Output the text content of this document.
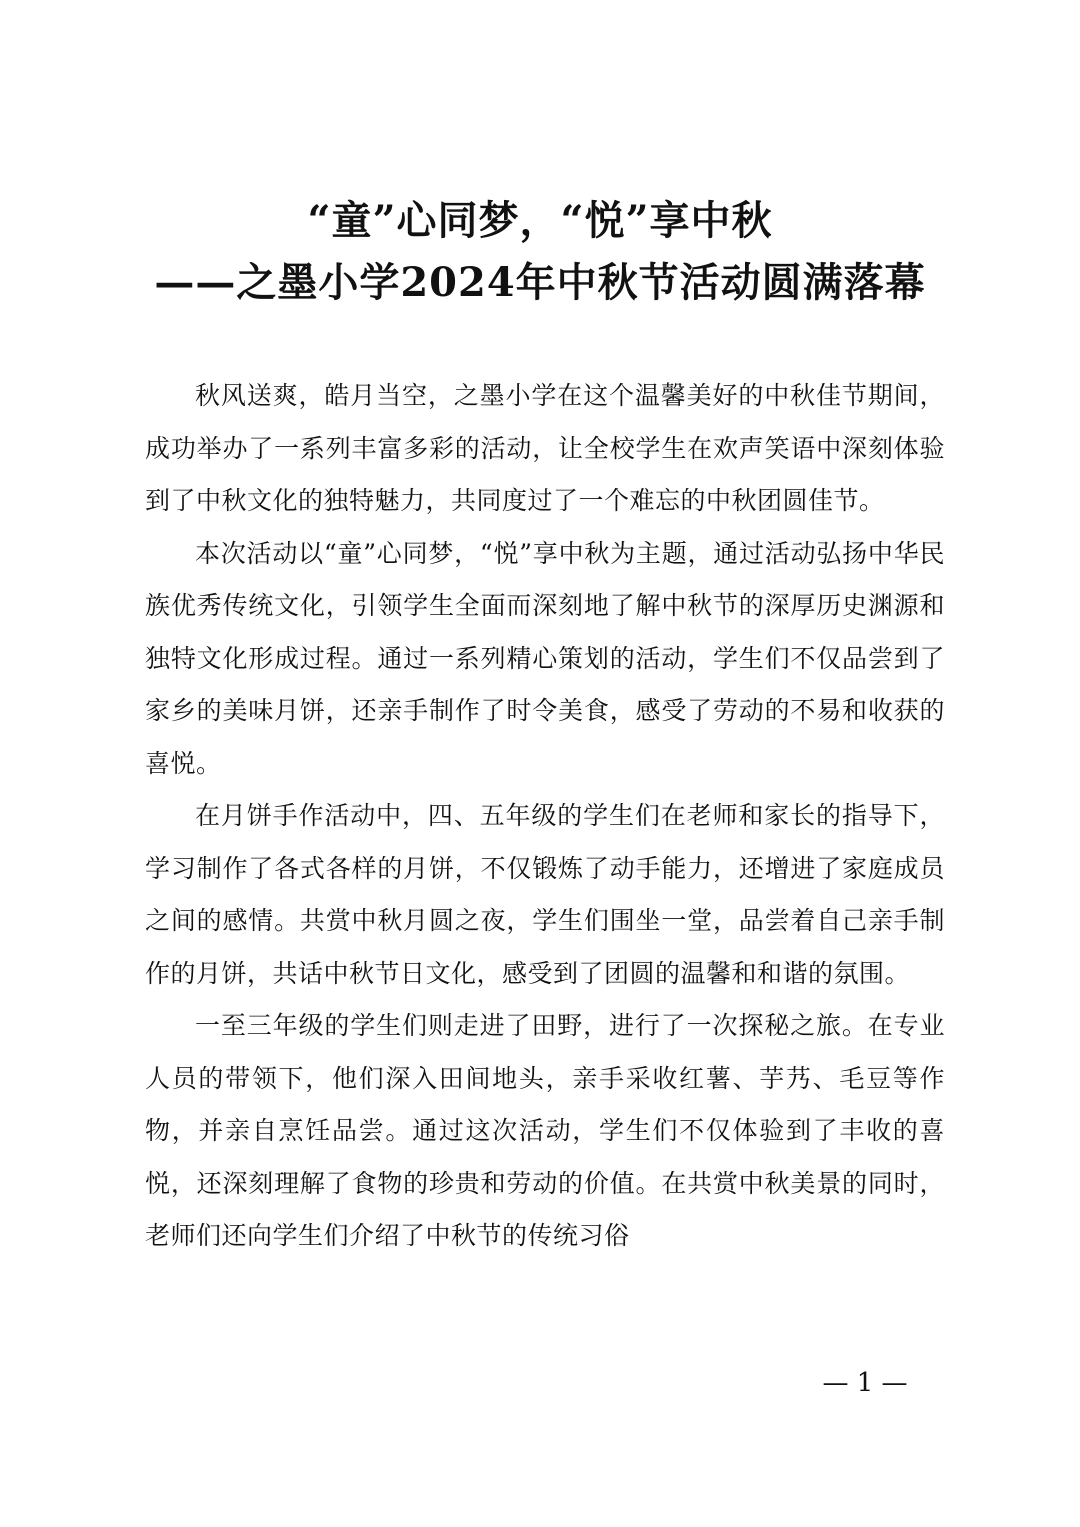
“童”心同梦，“悦”享中秋
——之墨小学2024年中秋节活动圆满落幕

秋风送爽，皓月当空，之墨小学在这个温馨美好的中秋佳节期间，成功举办了一系列丰富多彩的活动，让全校学生在欢声笑语中深刻体验到了中秋文化的独特魅力，共同度过了一个难忘的中秋团圆佳节。

本次活动以“童”心同梦，“悦”享中秋为主题，通过活动弘扬中华民族优秀传统文化，引领学生全面而深刻地了解中秋节的深厚历史渊源和独特文化形成过程。通过一系列精心策划的活动，学生们不仅品尝到了家乡的美味月饼，还亲手制作了时令美食，感受了劳动的不易和收获的喜悦。

在月饼手作活动中，四、五年级的学生们在老师和家长的指导下，学习制作了各式各样的月饼，不仅锻炼了动手能力，还增进了家庭成员之间的感情。共赏中秋月圆之夜，学生们围坐一堂，品尝着自己亲手制作的月饼，共话中秋节日文化，感受到了团圆的温馨和和谐的氛围。

一至三年级的学生们则走进了田野，进行了一次探秘之旅。在专业人员的带领下，他们深入田间地头，亲手采收红薯、芋艿、毛豆等作物，并亲自烹饪品尝。通过这次活动，学生们不仅体验到了丰收的喜悦，还深刻理解了食物的珍贵和劳动的价值。在共赏中秋美景的同时，老师们还向学生们介绍了中秋节的传统习俗

— 1 —
